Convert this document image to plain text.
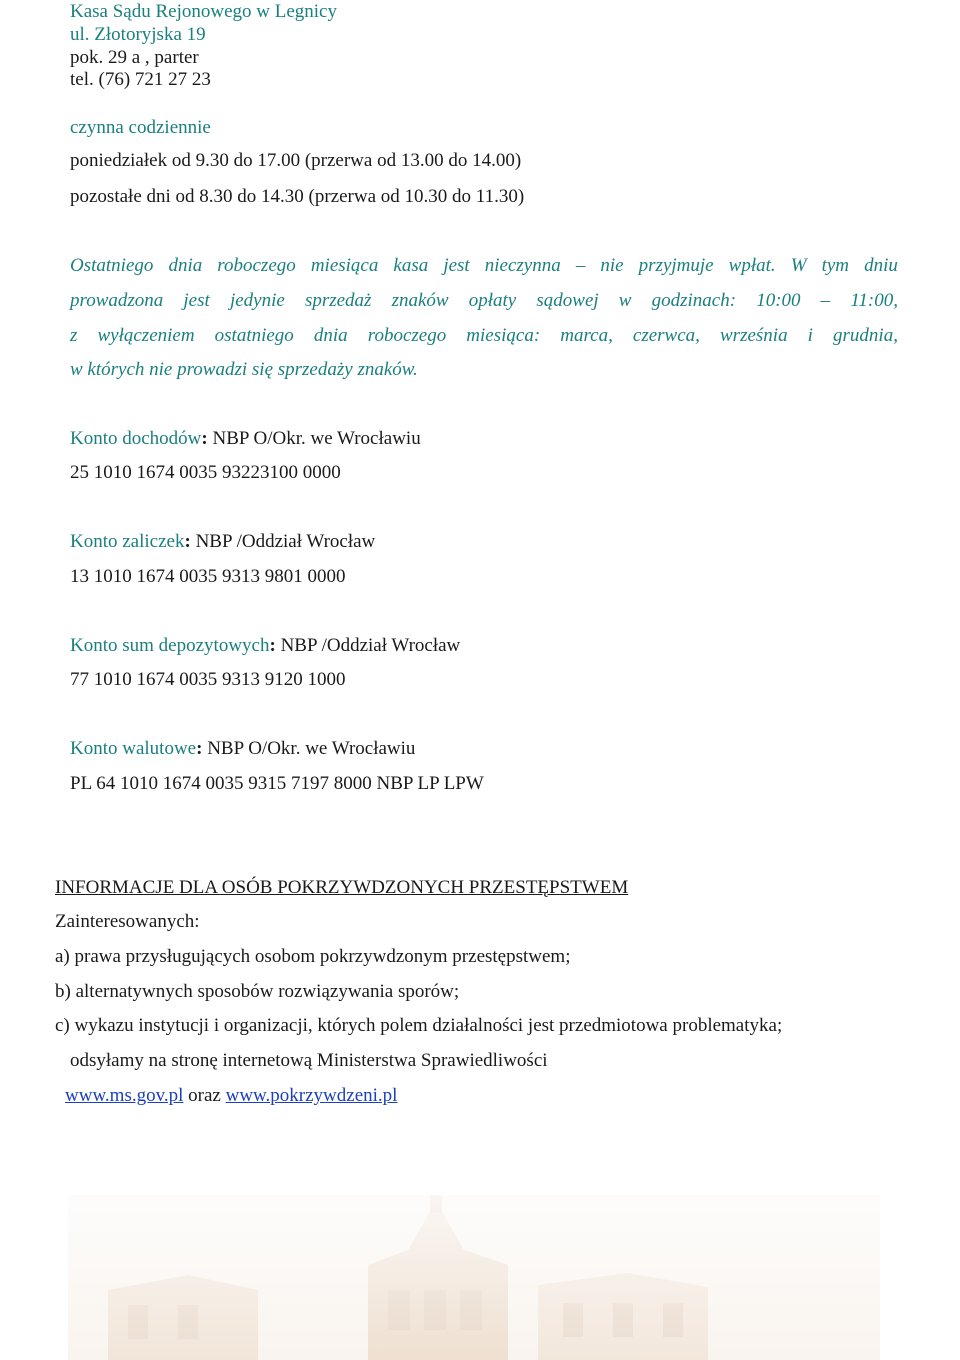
Kasa Sądu Rejonowego w Legnicy
ul. Złotoryjska 19
pok. 29 a , parter
tel. (76) 721 27 23
czynna codziennie
poniedziałek od 9.30 do 17.00 (przerwa od 13.00 do 14.00)
pozostałe dni od 8.30 do 14.30 (przerwa od 10.30 do 11.30)
Ostatniego dnia roboczego miesiąca kasa jest nieczynna – nie przyjmuje wpłat. W tym dniu
prowadzona jest jedynie sprzedaż znaków opłaty sądowej w godzinach: 10:00 – 11:00,
z wyłączeniem ostatniego dnia roboczego miesiąca: marca, czerwca, września i grudnia,
w których nie prowadzi się sprzedaży znaków.
Konto dochodów: NBP O/Okr. we Wrocławiu
25 1010 1674 0035 93223100 0000
Konto zaliczek: NBP /Oddział Wrocław
13 1010 1674 0035 9313 9801 0000
Konto sum depozytowych: NBP /Oddział Wrocław
77 1010 1674 0035 9313 9120 1000
Konto walutowe: NBP O/Okr. we Wrocławiu
PL 64 1010 1674 0035 9315 7197 8000 NBP LP LPW
INFORMACJE DLA OSÓB POKRZYWDZONYCH PRZESTĘPSTWEM
Zainteresowanych:
a) prawa przysługujących osobom pokrzywdzonym przestępstwem;
b) alternatywnych sposobów rozwiązywania sporów;
c) wykazu instytucji i organizacji, których polem działalności jest przedmiotowa problematyka;
odsyłamy na stronę internetową Ministerstwa Sprawiedliwości
www.ms.gov.pl oraz www.pokrzywdzeni.pl
